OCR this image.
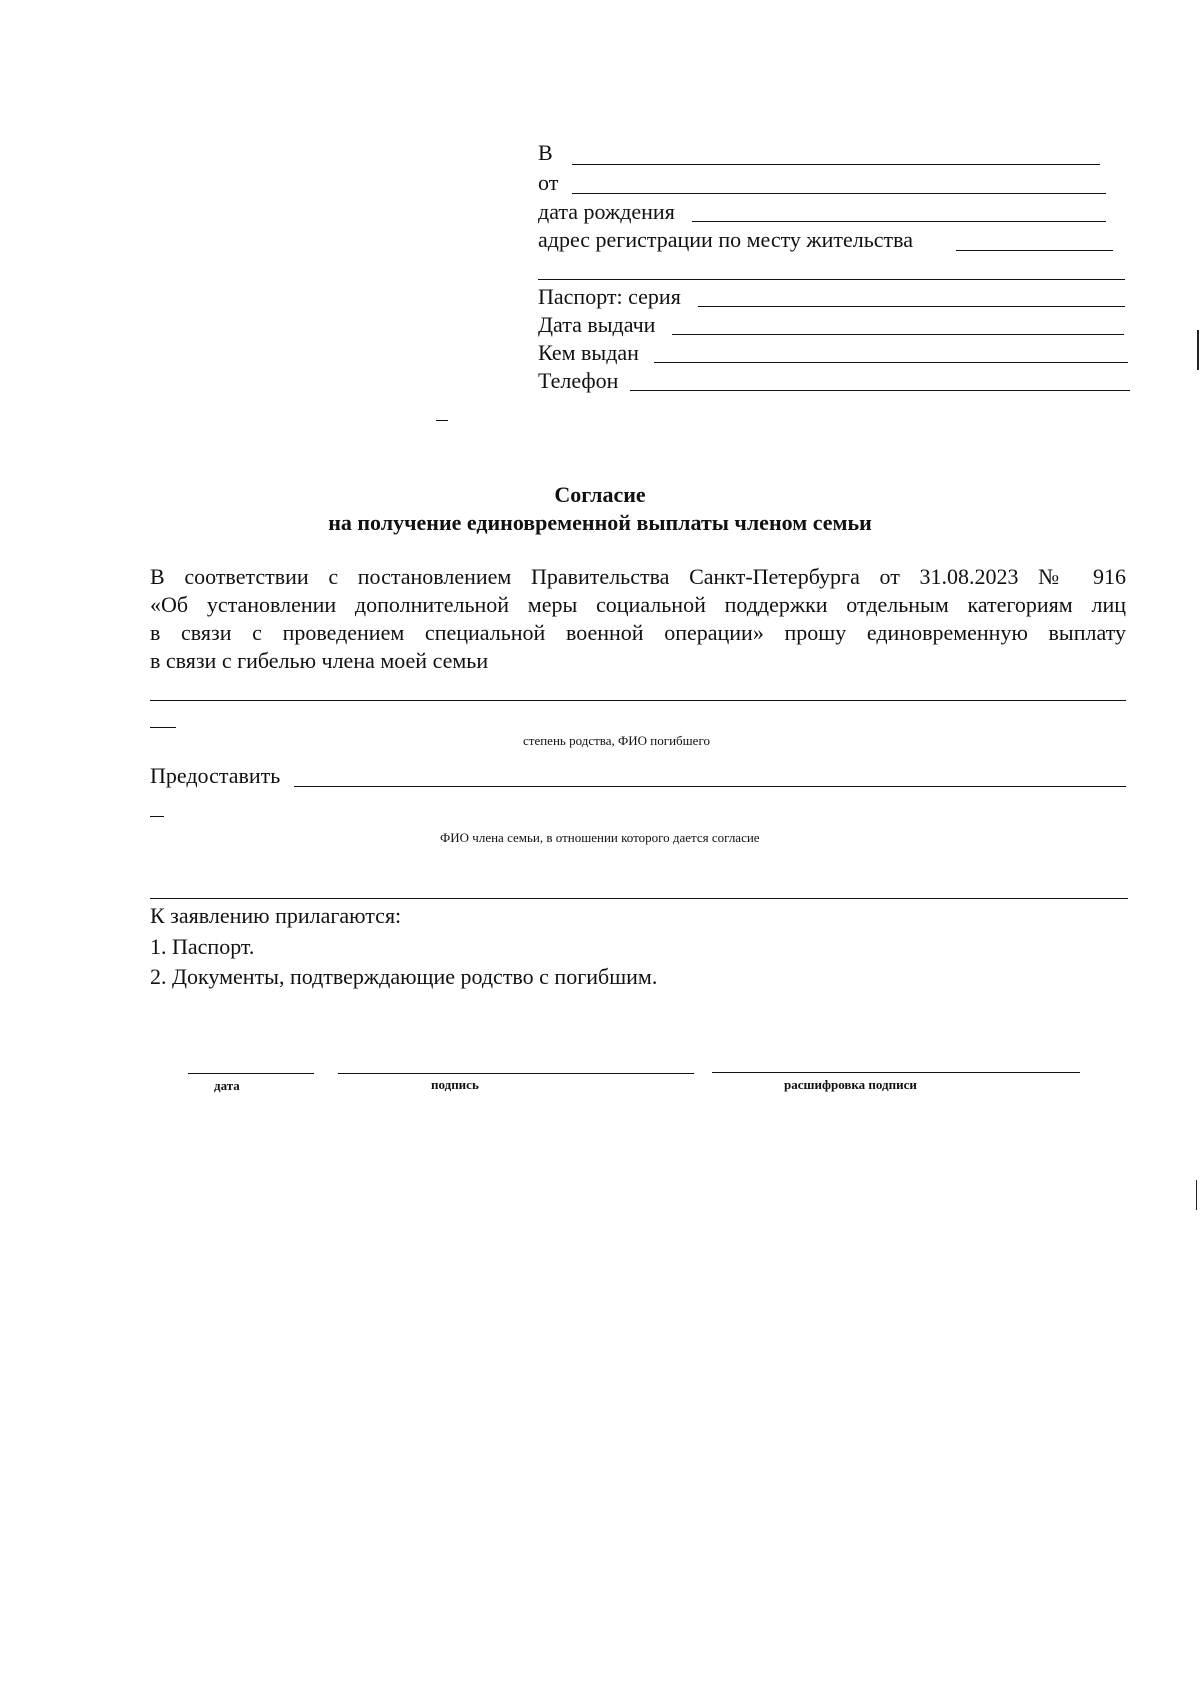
В
от
дата рождения
адрес регистрации по месту жительства
Паспорт: серия
Дата выдачи
Кем выдан
Телефон
Согласие
на получение единовременной выплаты членом семьи
В соответствии с постановлением Правительства Санкт-Петербурга от 31.08.2023 № 916
«Об установлении дополнительной меры социальной поддержки отдельным категориям лиц
в связи с проведением специальной военной операции» прошу единовременную выплату
в связи с гибелью члена моей семьи
степень родства, ФИО погибшего
Предоставить
ФИО члена семьи, в отношении которого дается согласие
К заявлению прилагаются:
1. Паспорт.
2. Документы, подтверждающие родство с погибшим.
дата	подпись	расшифровка подписи
